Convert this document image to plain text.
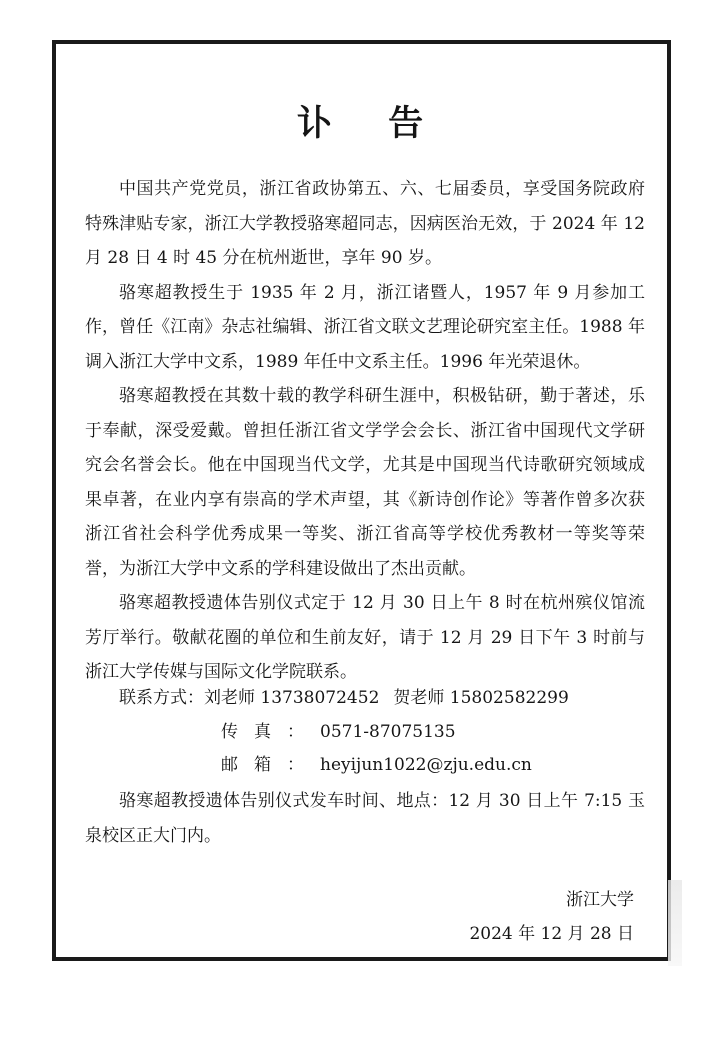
讣 告

中国共产党党员，浙江省政协第五、六、七届委员，享受国务院政府特殊津贴专家，浙江大学教授骆寒超同志，因病医治无效，于 2024 年 12 月 28 日 4 时 45 分在杭州逝世，享年 90 岁。

骆寒超教授生于 1935 年 2 月，浙江诸暨人，1957 年 9 月参加工作，曾任《江南》杂志社编辑、浙江省文联文艺理论研究室主任。1988 年调入浙江大学中文系，1989 年任中文系主任。1996 年光荣退休。

骆寒超教授在其数十载的教学科研生涯中，积极钻研，勤于著述，乐于奉献，深受爱戴。曾担任浙江省文学学会会长、浙江省中国现代文学研究会名誉会长。他在中国现当代文学，尤其是中国现当代诗歌研究领域成果卓著，在业内享有崇高的学术声望，其《新诗创作论》等著作曾多次获浙江省社会科学优秀成果一等奖、浙江省高等学校优秀教材一等奖等荣誉，为浙江大学中文系的学科建设做出了杰出贡献。

骆寒超教授遗体告别仪式定于 12 月 30 日上午 8 时在杭州殡仪馆流芳厅举行。敬献花圈的单位和生前友好，请于 12 月 29 日下午 3 时前与浙江大学传媒与国际文化学院联系。

联系方式：刘老师 13738072452 贺老师 15802582299
传真：0571-87075135
邮箱：heyijun1022@zju.edu.cn
骆寒超教授遗体告别仪式发车时间、地点：12 月 30 日上午 7:15 玉泉校区正大门内。
浙江大学
2024 年 12 月 28 日
